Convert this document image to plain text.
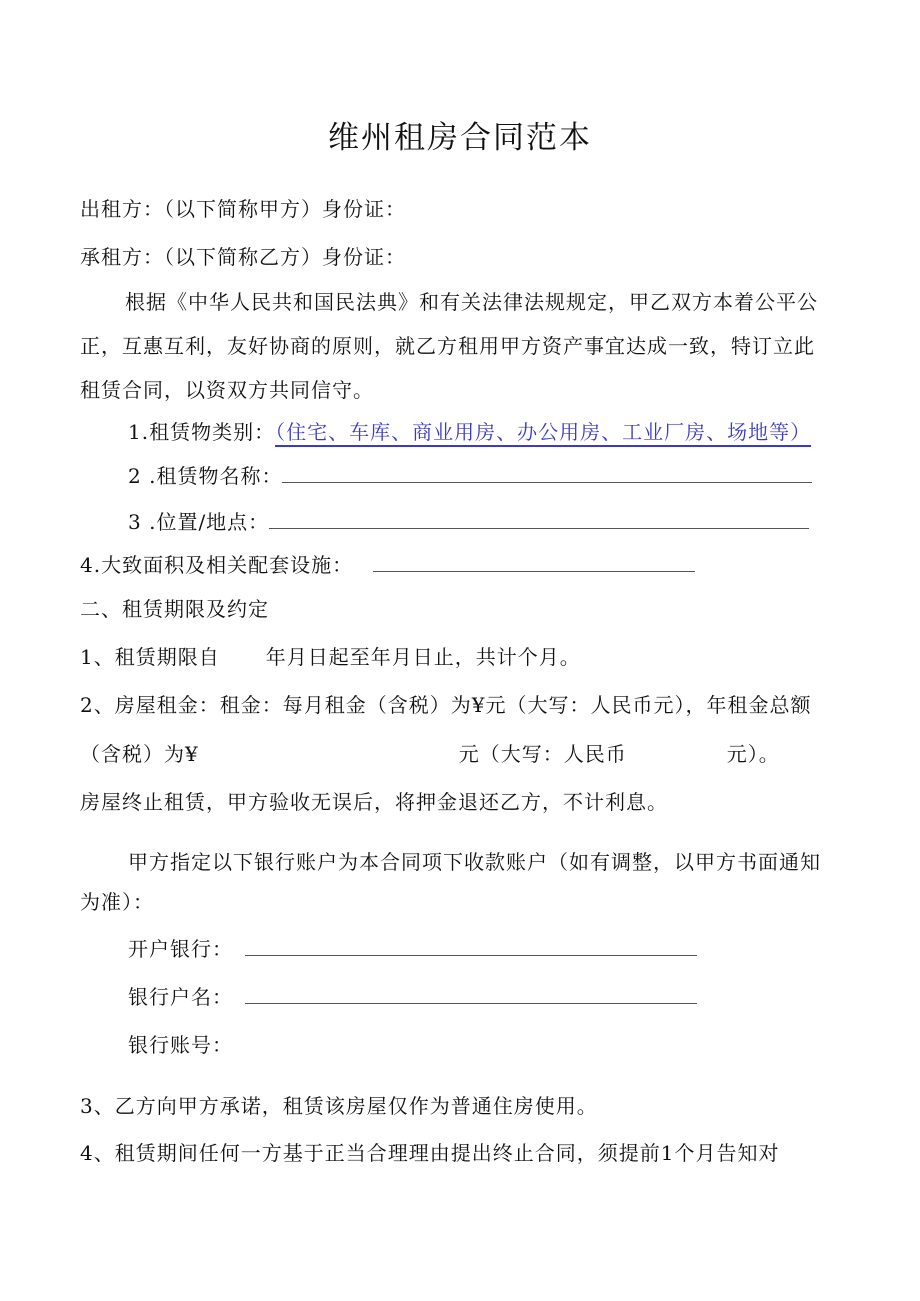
维州租房合同范本
出租方：（以下简称甲方）身份证：
承租方：（以下简称乙方）身份证：
根据《中华人民共和国民法典》和有关法律法规规定，甲乙双方本着公平公
正，互惠互利，友好协商的原则，就乙方租用甲方资产事宜达成一致，特订立此
租赁合同，以资双方共同信守。
1.租赁物类别：（住宅、车库、商业用房、办公用房、工业厂房、场地等）
2 .租赁物名称：
3 .位置/地点：
4.大致面积及相关配套设施：
二、租赁期限及约定
1、租赁期限自 年月日起至年月日止，共计个月。
2、房屋租金：租金：每月租金（含税）为¥元（大写：人民币元），年租金总额
（含税）为¥	元（大写：人民币	元）。
房屋终止租赁，甲方验收无误后，将押金退还乙方，不计利息。
甲方指定以下银行账户为本合同项下收款账户（如有调整，以甲方书面通知
为准）：
开户银行：
银行户名：
银行账号：
3、乙方向甲方承诺，租赁该房屋仅作为普通住房使用。
4、租赁期间任何一方基于正当合理理由提出终止合同，须提前1个月告知对
